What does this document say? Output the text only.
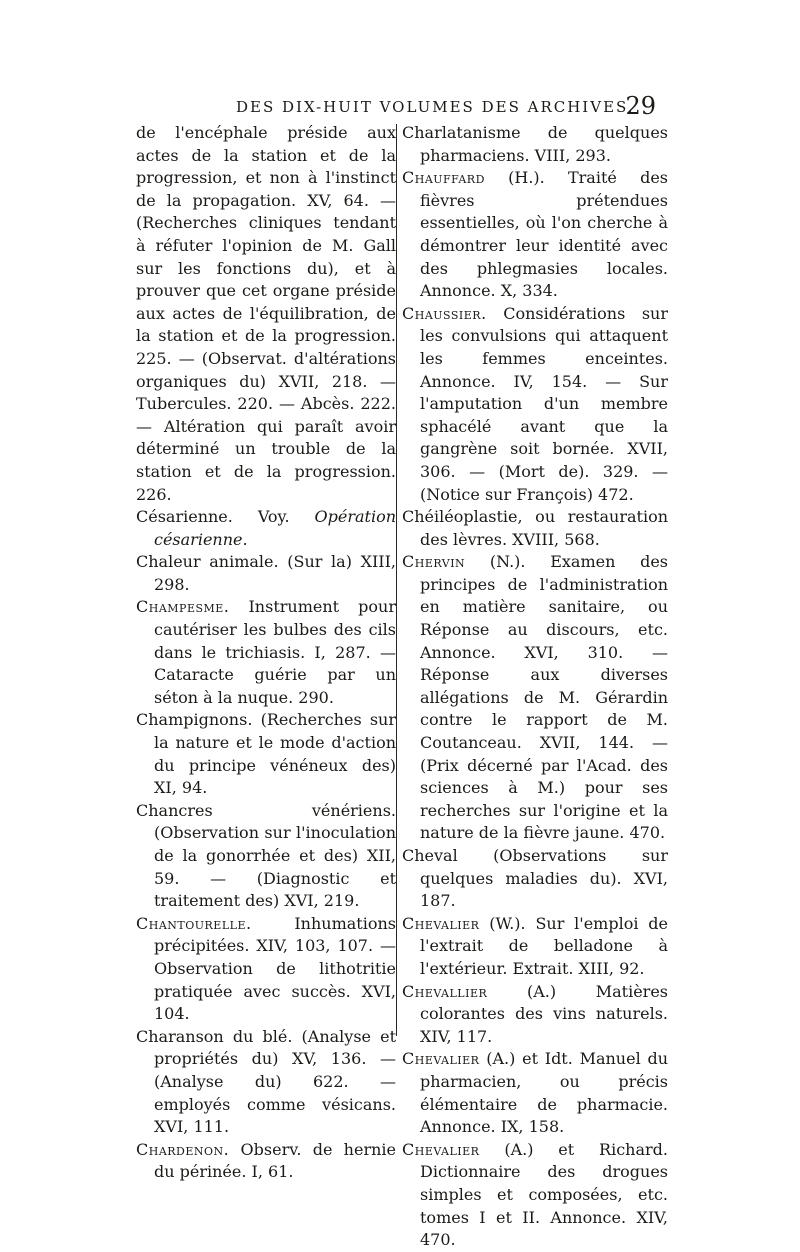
DES DIX-HUIT VOLUMES DES ARCHIVES.
29

de l'encéphale préside aux actes de la station et de la progression, et non à l'instinct de la propagation. XV, 64. — (Recherches cliniques tendant à réfuter l'opinion de M. Gall sur les fonctions du), et à prouver que cet organe préside aux actes de l'équilibration, de la station et de la progression. 225. — (Observat. d'altérations organiques du) XVII, 218. — Tubercules. 220. — Abcès. 222. — Altération qui paraît avoir déterminé un trouble de la station et de la progression. 226.

Césarienne. Voy. Opération césarienne.

Chaleur animale. (Sur la) XIII, 298.

Champesme. Instrument pour cautériser les bulbes des cils dans le trichiasis. I, 287. — Cataracte guérie par un séton à la nuque. 290.

Champignons. (Recherches sur la nature et le mode d'action du principe vénéneux des) XI, 94.

Chancres vénériens. (Observation sur l'inoculation de la gonorrhée et des) XII, 59. — (Diagnostic et traitement des) XVI, 219.

Chantourelle. Inhumations précipitées. XIV, 103, 107. — Observation de lithotritie pratiquée avec succès. XVI, 104.

Charanson du blé. (Analyse et propriétés du) XV, 136. — (Analyse du) 622. — employés comme vésicans. XVI, 111.

Chardenon. Observ. de hernie du périnée. I, 61.

Charlatanisme de quelques pharmaciens. VIII, 293.

Chauffard (H.). Traité des fièvres prétendues essentielles, où l'on cherche à démontrer leur identité avec des phlegmasies locales. Annonce. X, 334.

Chaussier. Considérations sur les convulsions qui attaquent les femmes enceintes. Annonce. IV, 154. — Sur l'amputation d'un membre sphacélé avant que la gangrène soit bornée. XVII, 306. — (Mort de). 329. — (Notice sur François) 472.

Chéiléoplastie, ou restauration des lèvres. XVIII, 568.

Chervin (N.). Examen des principes de l'administration en matière sanitaire, ou Réponse au discours, etc. Annonce. XVI, 310. — Réponse aux diverses allégations de M. Gérardin contre le rapport de M. Coutanceau. XVII, 144. — (Prix décerné par l'Acad. des sciences à M.) pour ses recherches sur l'origine et la nature de la fièvre jaune. 470.

Cheval (Observations sur quelques maladies du). XVI, 187.

Chevalier (W.). Sur l'emploi de l'extrait de belladone à l'extérieur. Extrait. XIII, 92.

Chevallier (A.) Matières colorantes des vins naturels. XIV, 117.

Chevalier (A.) et Idt. Manuel du pharmacien, ou précis élémentaire de pharmacie. Annonce. IX, 158.

Chevalier (A.) et Richard. Dictionnaire des drogues simples et composées, etc. tomes I et II. Annonce. XIV, 470.
